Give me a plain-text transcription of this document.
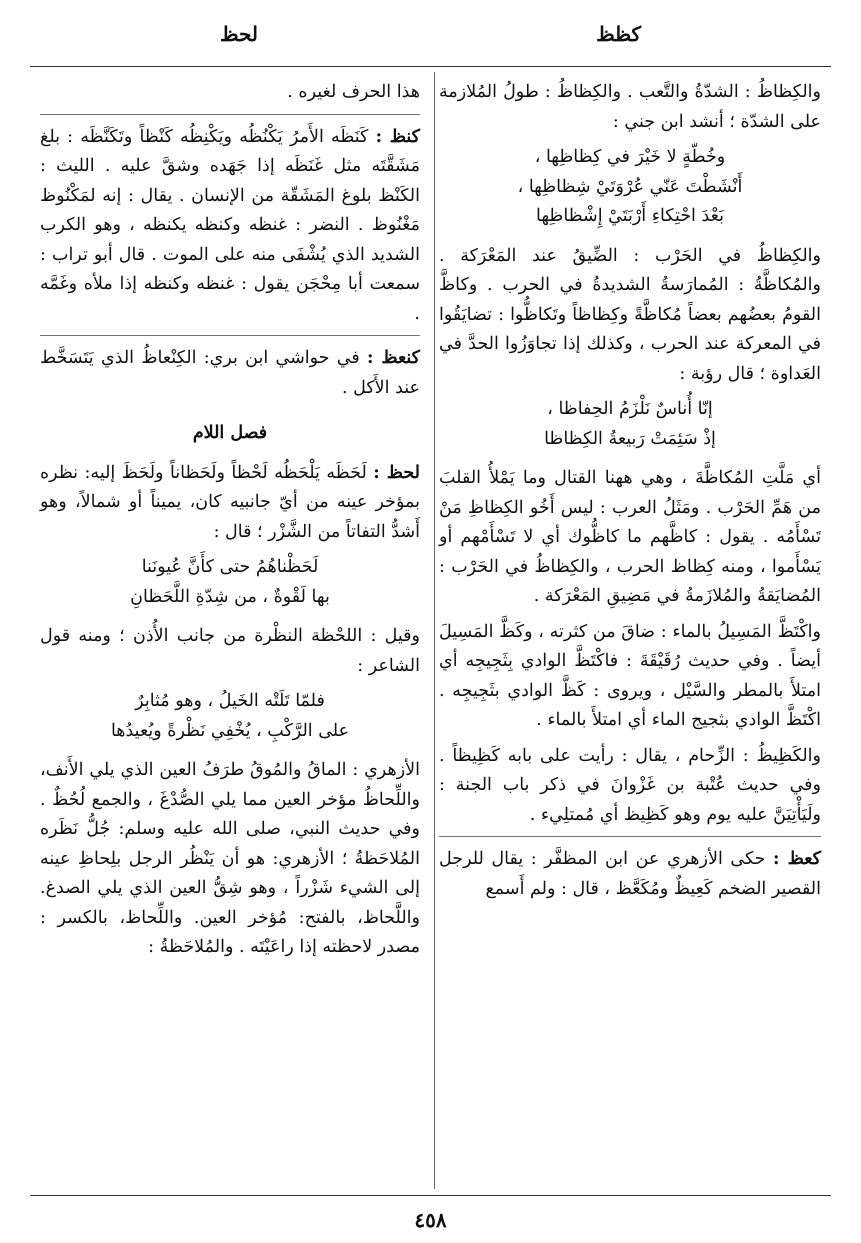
كظظ
لحظ

والكِظاظُ : الشدّةُ والتَّعب . والكِظاظُ : طولُ المُلازمة على الشدّة ؛ أنشد ابن جني :

وخُطّةٍ لا خَيْرَ في كِظاظِها ،
أَنْشَطْتَ عَنّي عُرْوَتَيْ شِظاظِها ،
بَعْدَ احْتِكاءِ أَرْبَتَيْ إِشْظاظِها

والكِظاظُ في الحَرْب : الضِّيقُ عند المَعْرَكة . والمُكاظَّةُ : المُمارَسةُ الشديدةُ في الحرب . وكاظَّ القومُ بعضُهم بعضاً مُكاظَّةً وكِظاظاً وتَكاظُّوا : تضايَقُوا في المعركة عند الحرب ، وكذلك إذا تجاوَزُوا الحدَّ في العَداوة ؛ قال رؤبة :

إنّا أُناسٌ نَلْزَمُ الحِفاظا ،
إذْ سَئِمَتْ رَبيعةُ الكِظاظا

أي مَلَّتِ المُكاظَّةَ ، وهي ههنا القتال وما يَمْلأُ القلبَ من هَمِّ الحَرْب . ومَثَلُ العرب : ليس أَخُو الكِظاظِ مَنْ تَسْأَمُه . يقول : كاظَّهم ما كاظُّوك أي لا تَسْأَمْهم أو يَسْأَموا ، ومنه كِظاظ الحرب ، والكِظاظُ في الحَرْب : المُضايَقةُ والمُلازَمةُ في مَضِيقِ المَعْرَكة .

واكْتَظَّ المَسِيلُ بالماء : ضاقَ من كثرته ، وكَظَّ المَسِيلَ أيضاً . وفي حديث رُقَيْقَةَ : فاكْتَظَّ الوادي بِثَجِيجِه أي امتلأَ بالمطر والسَّيْل ، ويروى : كَظَّ الوادي بثَجِيجِه . اكْتَظَّ الوادي بثجيج الماء أي امتلأَ بالماء .

والكَظِيظُ : الزِّحام ، يقال : رأيت على بابه كَظِيظاً . وفي حديث عُتْبة بن غَزْوانَ في ذكر باب الجنة : ولَيَأْتِيَنَّ عليه يوم وهو كَظِيظ أي مُمتلِيء .

كعظ : حكى الأزهري عن ابن المظفَّر : يقال للرجل القصير الضخم كَعِيظٌ ومُكَعَّظ ، قال : ولم أَسمع

هذا الحرف لغيره .

كنظ : كَنَظَه الأَمرُ يَكْنُظُه ويَكْنِظُه كَنْظاً وتَكَنَّظَه : بلغ مَشَقَّتَه مثل غَنَظَه إذا جَهَده وشقَّ عليه . الليث : الكَنْظ بلوغ المَشَقّة من الإنسان . يقال : إنه لمَكْنُوظ مَغْنُوظ . النضر : غنظه وكنظه يكنظه ، وهو الكرب الشديد الذي يُشْفَى منه على الموت . قال أبو تراب : سمعت أبا مِحْجَن يقول : غنظه وكنظه إذا ملأه وغَمَّه .

كنعظ : في حواشي ابن بري: الكِنْعاظُ الذي يَتَسَخَّط عند الأَكل .

فصل اللام

لحظ : لَحَظَه يَلْحَظُه لَحْظاً ولَحَظاناً ولَحَظَ إليه: نظره بمؤخر عينه من أيّ جانبيه كان، يميناً أو شمالاً، وهو أَشدُّ التفاتاً من الشَّزْر ؛ قال :

لَحَظْناهُمُ حتى كأَنَّ عُيونَنا
بها لَقْوةٌ ، من شِدّةِ اللَّحَظانِ

وقيل : اللحْظة النظْرة من جانب الأُذن ؛ ومنه قول الشاعر :

فلمّا تَلَتْه الخَيلُ ، وهو مُثابِرٌ
على الرَّكْبِ ، يُخْفِي نَظْرةً ويُعيدُها

الأزهري : الماقُ والمُوقُ طرَفُ العين الذي يلي الأَنف، واللِّحاظُ مؤخر العين مما يلي الصُّدْغَ ، والجمع لُحُظٌ . وفي حديث النبي، صلى الله عليه وسلم: جُلُّ نَظَره المُلاحَظةُ ؛ الأزهري: هو أن يَنْظُر الرجل بلِحاظِ عينه إلى الشيء شَزْراً ، وهو شِقُّ العين الذي يلي الصدغ. واللَّحاظ، بالفتح: مُؤخر العين. واللِّحاظ، بالكسر : مصدر لاحظته إذا راعَيْتَه . والمُلاحَظةُ :

٤٥٨
